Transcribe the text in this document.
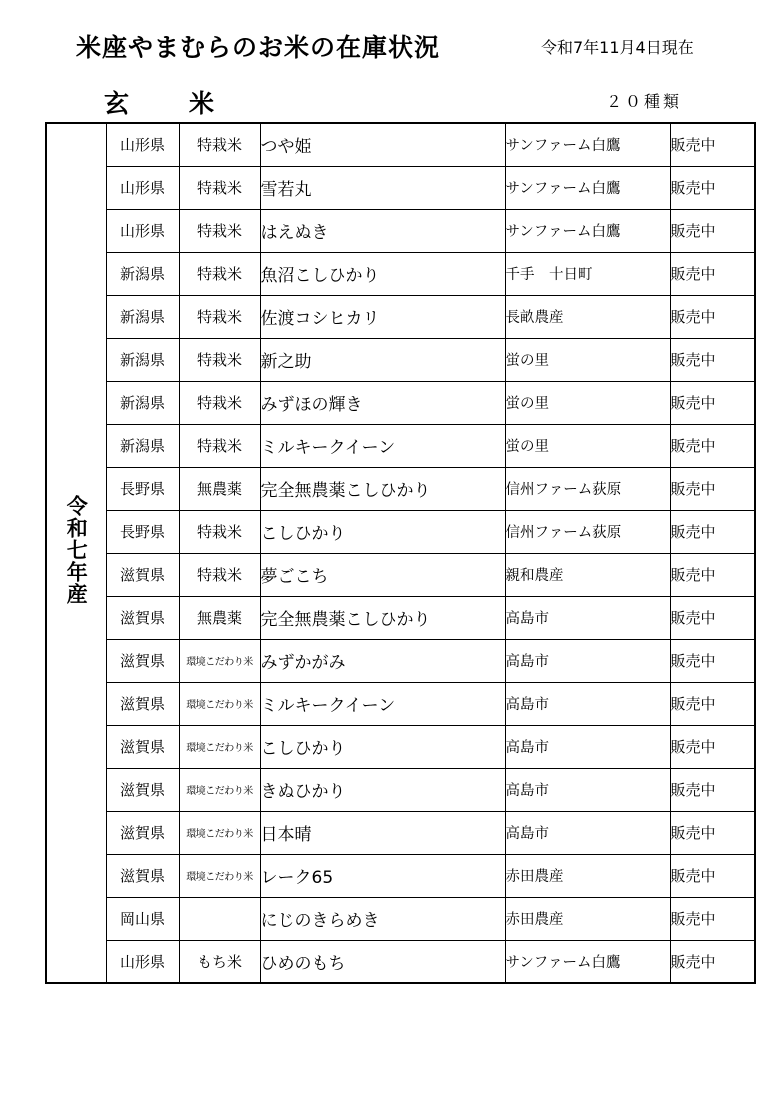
米座やまむらのお米の在庫状況	令和7年11月4日現在
玄米	２０種類
令和七年産	山形県	特栽米	つや姫	サンファーム白鷹	販売中
	山形県	特栽米	雪若丸	サンファーム白鷹	販売中
	山形県	特栽米	はえぬき	サンファーム白鷹	販売中
	新潟県	特栽米	魚沼こしひかり	千手　十日町	販売中
	新潟県	特栽米	佐渡コシヒカリ	長畝農産	販売中
	新潟県	特栽米	新之助	蛍の里	販売中
	新潟県	特栽米	みずほの輝き	蛍の里	販売中
	新潟県	特栽米	ミルキークイーン	蛍の里	販売中
	長野県	無農薬	完全無農薬こしひかり	信州ファーム荻原	販売中
	長野県	特栽米	こしひかり	信州ファーム荻原	販売中
	滋賀県	特栽米	夢ごこち	親和農産	販売中
	滋賀県	無農薬	完全無農薬こしひかり	高島市	販売中
	滋賀県	環境こだわり米	みずかがみ	高島市	販売中
	滋賀県	環境こだわり米	ミルキークイーン	高島市	販売中
	滋賀県	環境こだわり米	こしひかり	高島市	販売中
	滋賀県	環境こだわり米	きぬひかり	高島市	販売中
	滋賀県	環境こだわり米	日本晴	高島市	販売中
	滋賀県	環境こだわり米	レーク65	赤田農産	販売中
	岡山県		にじのきらめき	赤田農産	販売中
	山形県	もち米	ひめのもち	サンファーム白鷹	販売中
